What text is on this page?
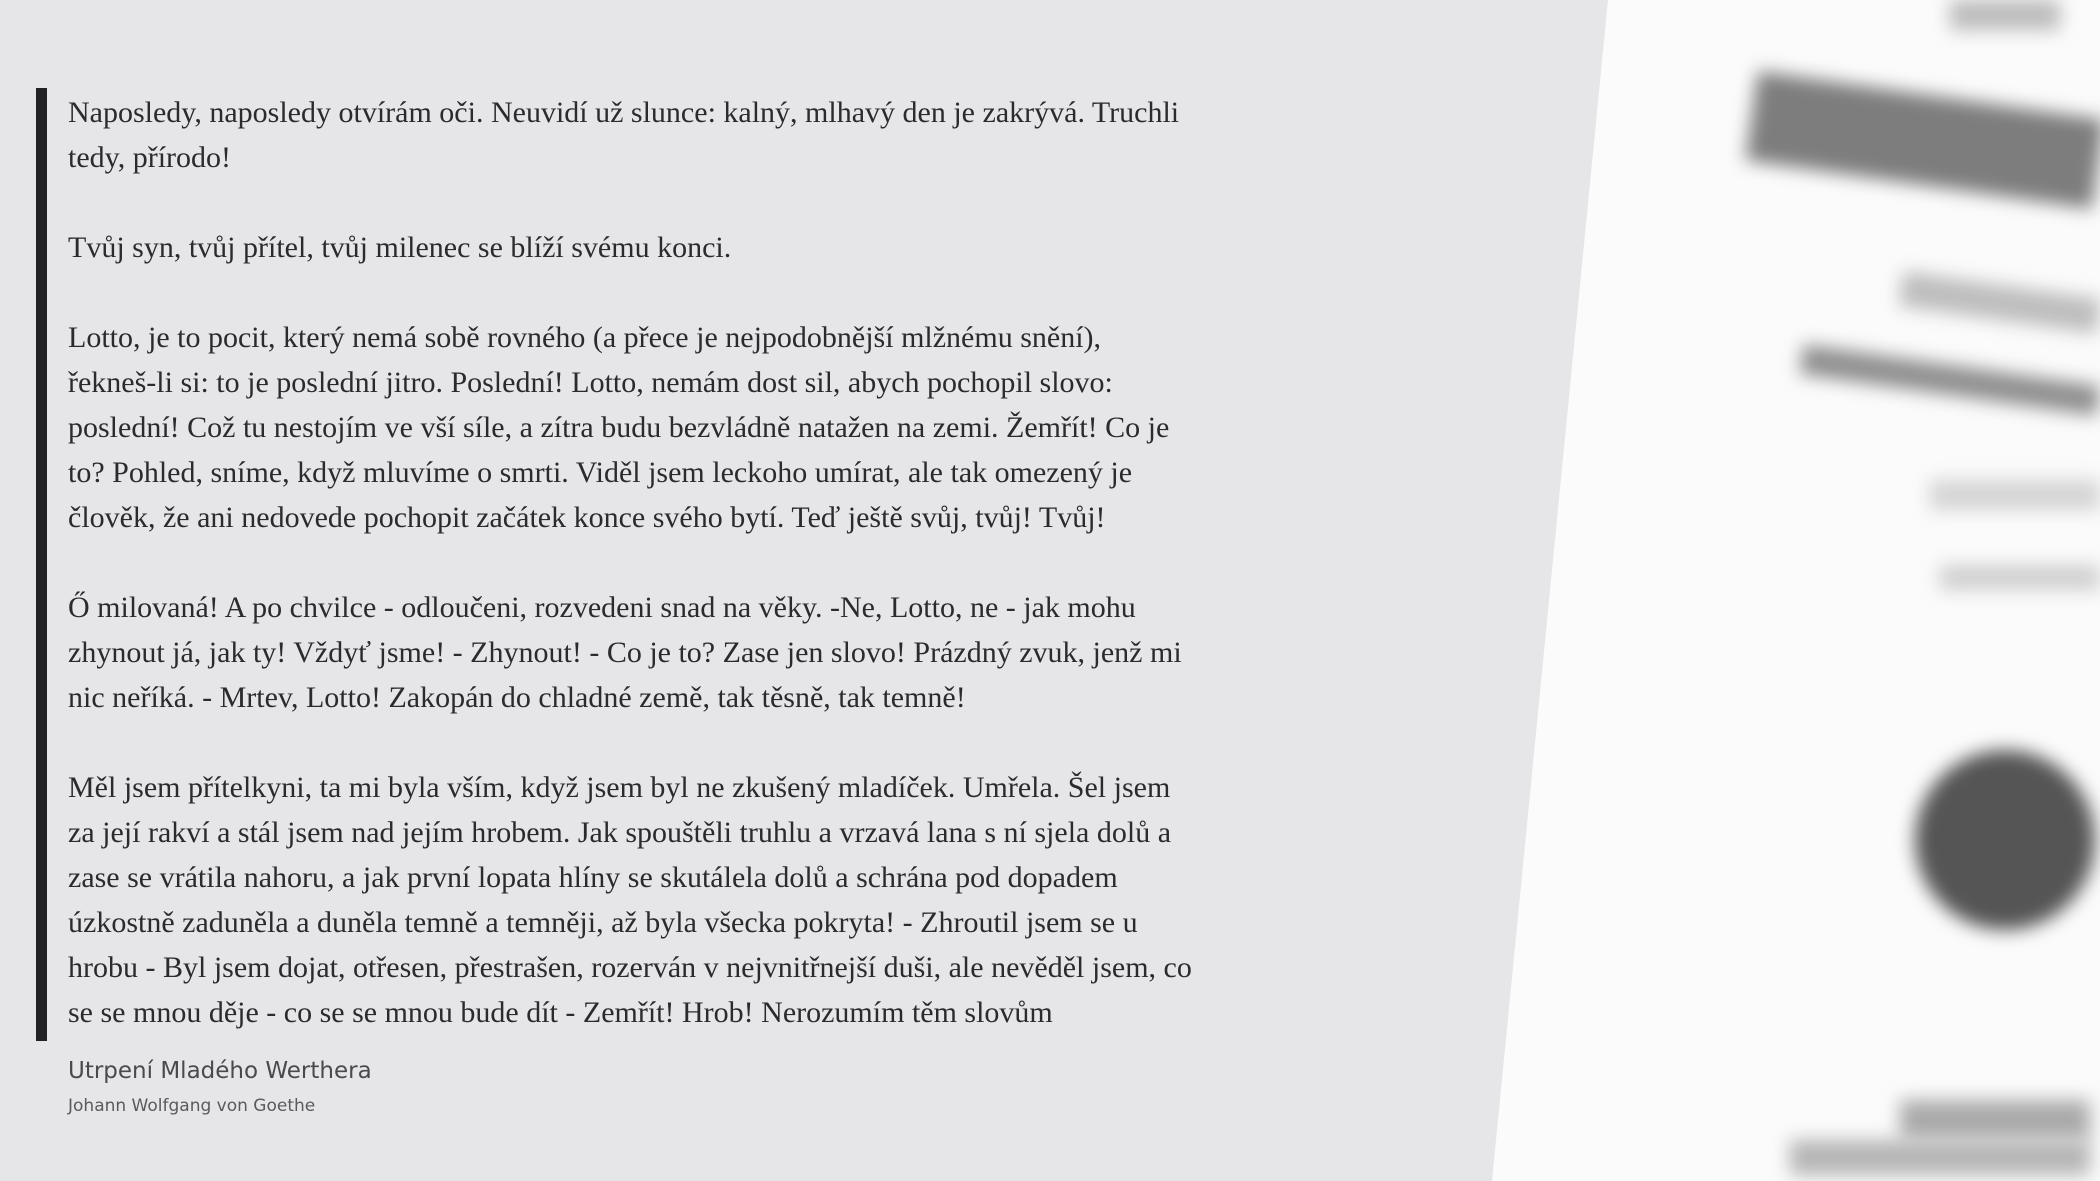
Naposledy, naposledy otvírám oči. Neuvidí už slunce: kalný, mlhavý den je zakrývá. Truchli
tedy, přírodo!

Tvůj syn, tvůj přítel, tvůj milenec se blíží svému konci.

Lotto, je to pocit, který nemá sobě rovného (a přece je nejpodobnější mlžnému snění),
řekneš-li si: to je poslední jitro. Poslední! Lotto, nemám dost sil, abych pochopil slovo:
poslední! Což tu nestojím ve vší síle, a zítra budu bezvládně natažen na zemi. Žemřít! Co je
to? Pohled, sníme, když mluvíme o smrti. Viděl jsem leckoho umírat, ale tak omezený je
člověk, že ani nedovede pochopit začátek konce svého bytí. Teď ještě svůj, tvůj! Tvůj!

Ő milovaná! A po chvilce - odloučeni, rozvedeni snad na věky. -Ne, Lotto, ne - jak mohu
zhynout já, jak ty! Vždyť jsme! - Zhynout! - Co je to? Zase jen slovo! Prázdný zvuk, jenž mi
nic neříká. - Mrtev, Lotto! Zakopán do chladné země, tak těsně, tak temně!

Měl jsem přítelkyni, ta mi byla vším, když jsem byl ne zkušený mladíček. Umřela. Šel jsem
za její rakví a stál jsem nad jejím hrobem. Jak spouštěli truhlu a vrzavá lana s ní sjela dolů a
zase se vrátila nahoru, a jak první lopata hlíny se skutálela dolů a schrána pod dopadem
úzkostně zaduněla a duněla temně a temněji, až byla všecka pokryta! - Zhroutil jsem se u
hrobu - Byl jsem dojat, otřesen, přestrašen, rozerván v nejvnitřnejší duši, ale nevěděl jsem, co
se se mnou děje - co se se mnou bude dít - Zemřít! Hrob! Nerozumím těm slovům

Utrpení Mladého Werthera
Johann Wolfgang von Goethe
